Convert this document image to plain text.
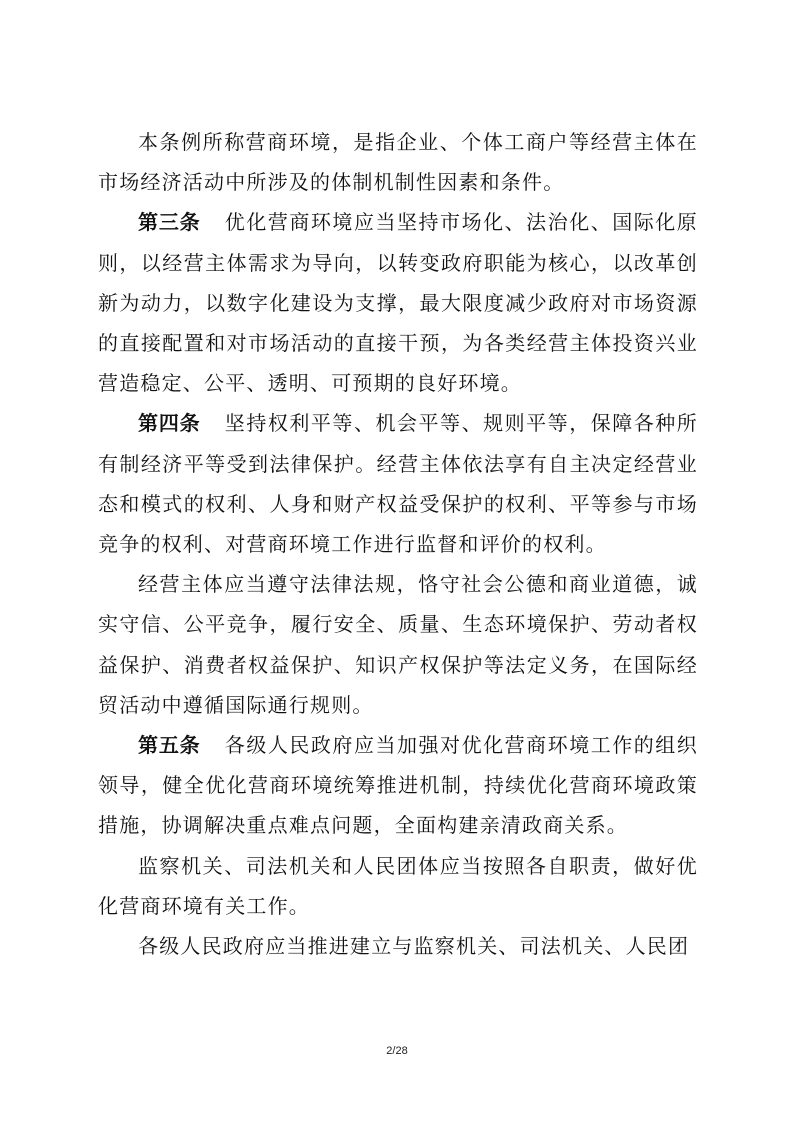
本条例所称营商环境，是指企业、个体工商户等经营主体在市场经济活动中所涉及的体制机制性因素和条件。

第三条 优化营商环境应当坚持市场化、法治化、国际化原则，以经营主体需求为导向，以转变政府职能为核心，以改革创新为动力，以数字化建设为支撑，最大限度减少政府对市场资源的直接配置和对市场活动的直接干预，为各类经营主体投资兴业营造稳定、公平、透明、可预期的良好环境。

第四条 坚持权利平等、机会平等、规则平等，保障各种所有制经济平等受到法律保护。经营主体依法享有自主决定经营业态和模式的权利、人身和财产权益受保护的权利、平等参与市场竞争的权利、对营商环境工作进行监督和评价的权利。

经营主体应当遵守法律法规，恪守社会公德和商业道德，诚实守信、公平竞争，履行安全、质量、生态环境保护、劳动者权益保护、消费者权益保护、知识产权保护等法定义务，在国际经贸活动中遵循国际通行规则。

第五条 各级人民政府应当加强对优化营商环境工作的组织领导，健全优化营商环境统筹推进机制，持续优化营商环境政策措施，协调解决重点难点问题，全面构建亲清政商关系。

监察机关、司法机关和人民团体应当按照各自职责，做好优化营商环境有关工作。

各级人民政府应当推进建立与监察机关、司法机关、人民团

2/28
